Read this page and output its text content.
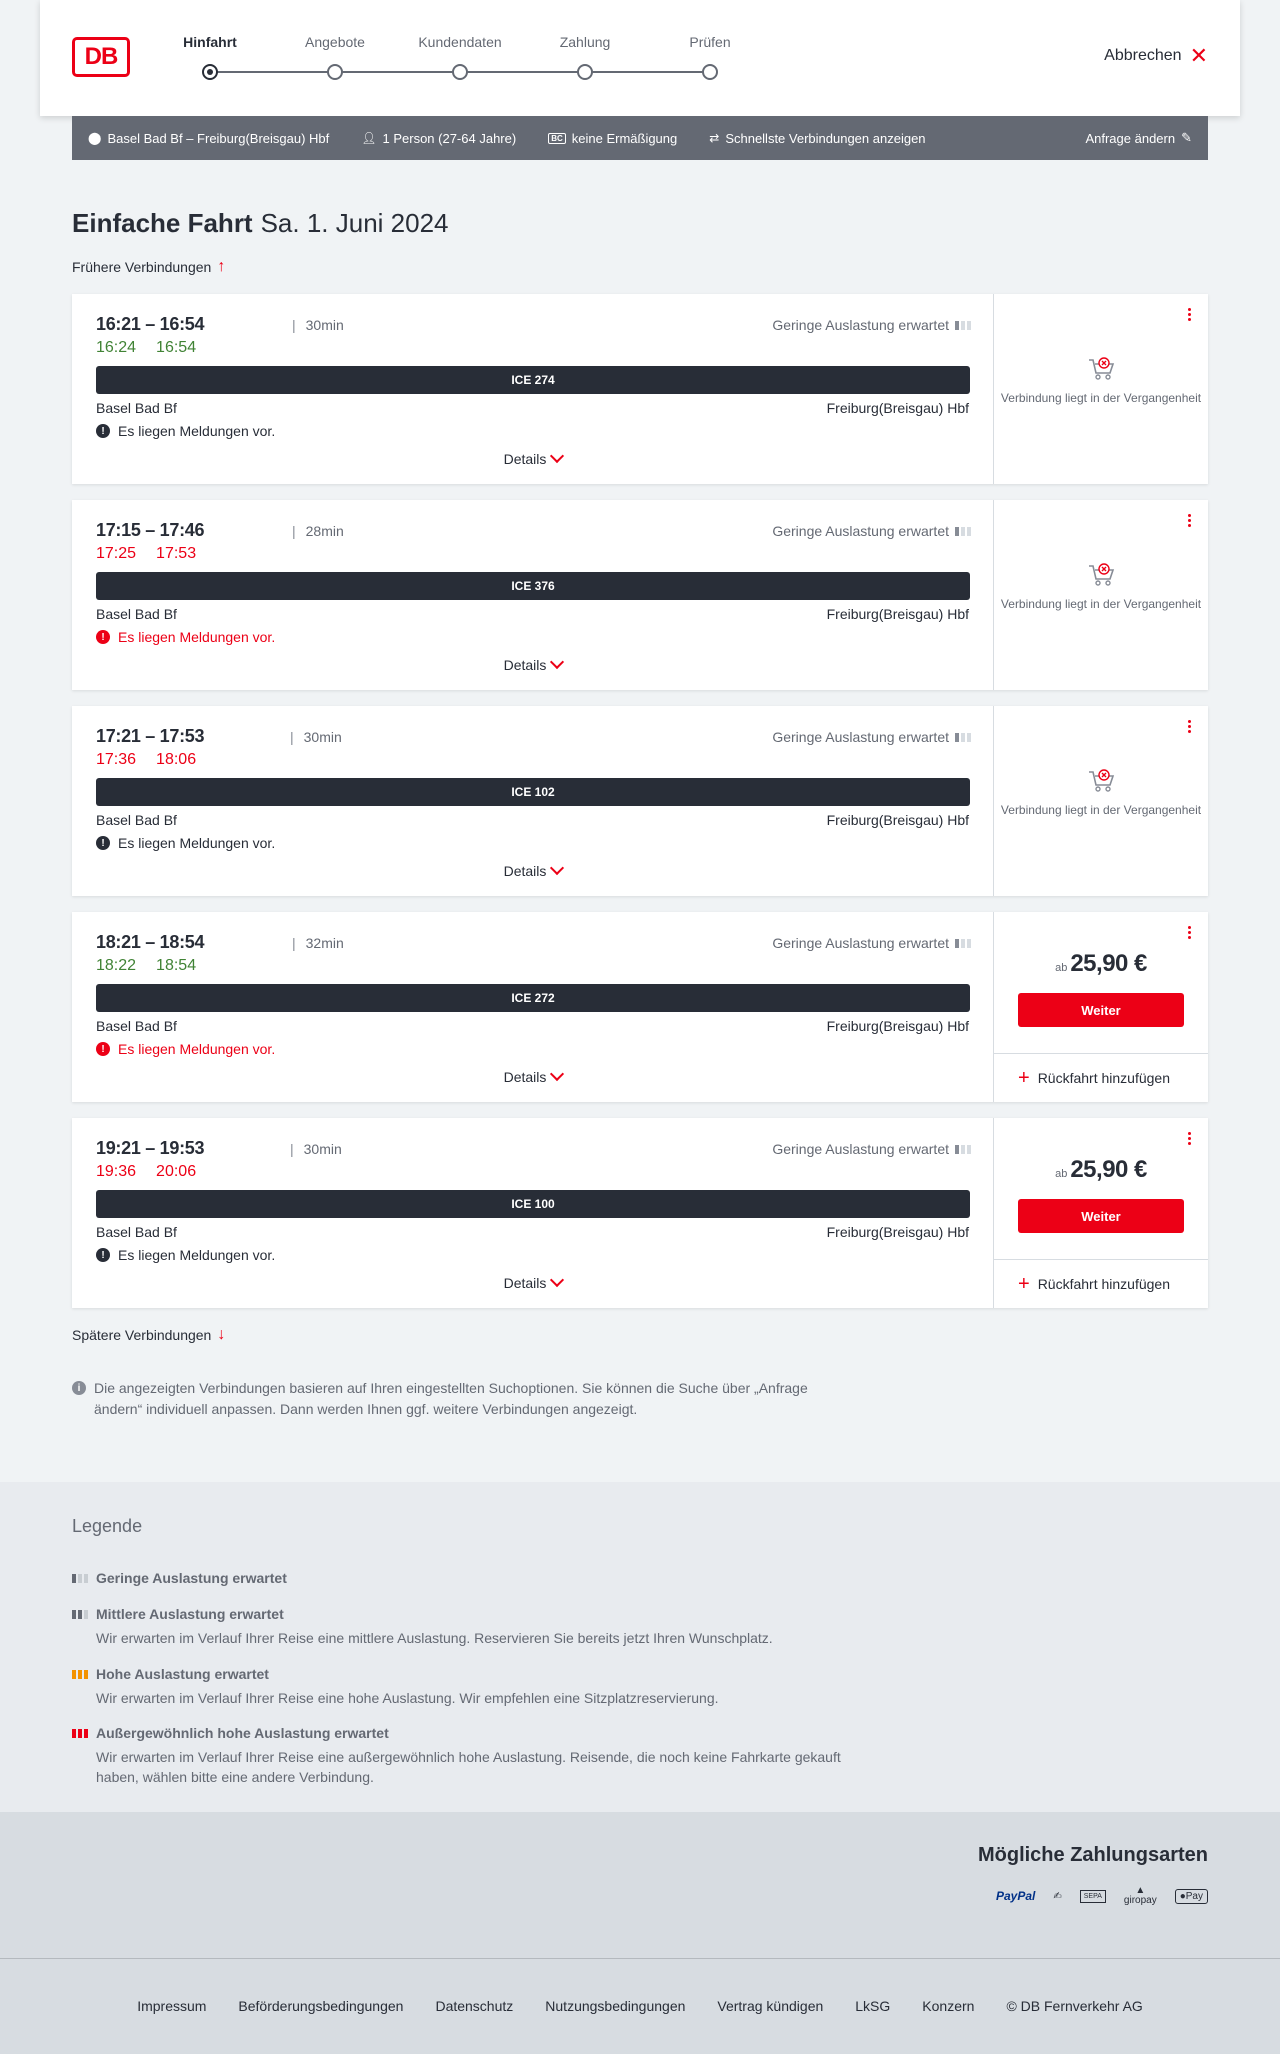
DB
Hinfahrt	Angebote	Kundendaten	Zahlung	Prüfen
Abbrechen ✕
⬤ Basel Bad Bf – Freiburg(Breisgau) Hbf	👤︎ 1 Person (27-64 Jahre)	BC keine Ermäßigung	⇄ Schnellste Verbindungen anzeigen	Anfrage ändern ✎
Einfache Fahrt Sa. 1. Juni 2024
Frühere Verbindungen ↑
16:21 – 16:54	| 30min
16:24 16:54
Geringe Auslastung erwartet
ICE 274
Basel Bad Bf	Freiburg(Breisgau) Hbf
! Es liegen Meldungen vor.
Details
Verbindung liegt in der Vergangenheit
17:15 – 17:46	| 28min
17:25 17:53
Geringe Auslastung erwartet
ICE 376
Basel Bad Bf	Freiburg(Breisgau) Hbf
! Es liegen Meldungen vor.
Details
Verbindung liegt in der Vergangenheit
17:21 – 17:53	| 30min
17:36 18:06
Geringe Auslastung erwartet
ICE 102
Basel Bad Bf	Freiburg(Breisgau) Hbf
! Es liegen Meldungen vor.
Details
Verbindung liegt in der Vergangenheit
18:21 – 18:54	| 32min
18:22 18:54
Geringe Auslastung erwartet
ICE 272
Basel Bad Bf	Freiburg(Breisgau) Hbf
! Es liegen Meldungen vor.
Details
ab 25,90 €
Weiter
+ Rückfahrt hinzufügen
19:21 – 19:53	| 30min
19:36 20:06
Geringe Auslastung erwartet
ICE 100
Basel Bad Bf	Freiburg(Breisgau) Hbf
! Es liegen Meldungen vor.
Details
ab 25,90 €
Weiter
+ Rückfahrt hinzufügen
Spätere Verbindungen ↓
i Die angezeigten Verbindungen basieren auf Ihren eingestellten Suchoptionen. Sie können die Suche über „Anfrage ändern“ individuell anpassen. Dann werden Ihnen ggf. weitere Verbindungen angezeigt.
Legende
Geringe Auslastung erwartet
Mittlere Auslastung erwartet
Wir erwarten im Verlauf Ihrer Reise eine mittlere Auslastung. Reservieren Sie bereits jetzt Ihren Wunschplatz.
Hohe Auslastung erwartet
Wir erwarten im Verlauf Ihrer Reise eine hohe Auslastung. Wir empfehlen eine Sitzplatzreservierung.
Außergewöhnlich hohe Auslastung erwartet
Wir erwarten im Verlauf Ihrer Reise eine außergewöhnlich hohe Auslastung. Reisende, die noch keine Fahrkarte gekauft haben, wählen bitte eine andere Verbindung.
Mögliche Zahlungsarten
PayPal ✍	SEPA	▲
giropay	●Pay
Impressum Beförderungsbedingungen Datenschutz Nutzungsbedingungen Vertrag kündigen LkSG Konzern © DB Fernverkehr AG
